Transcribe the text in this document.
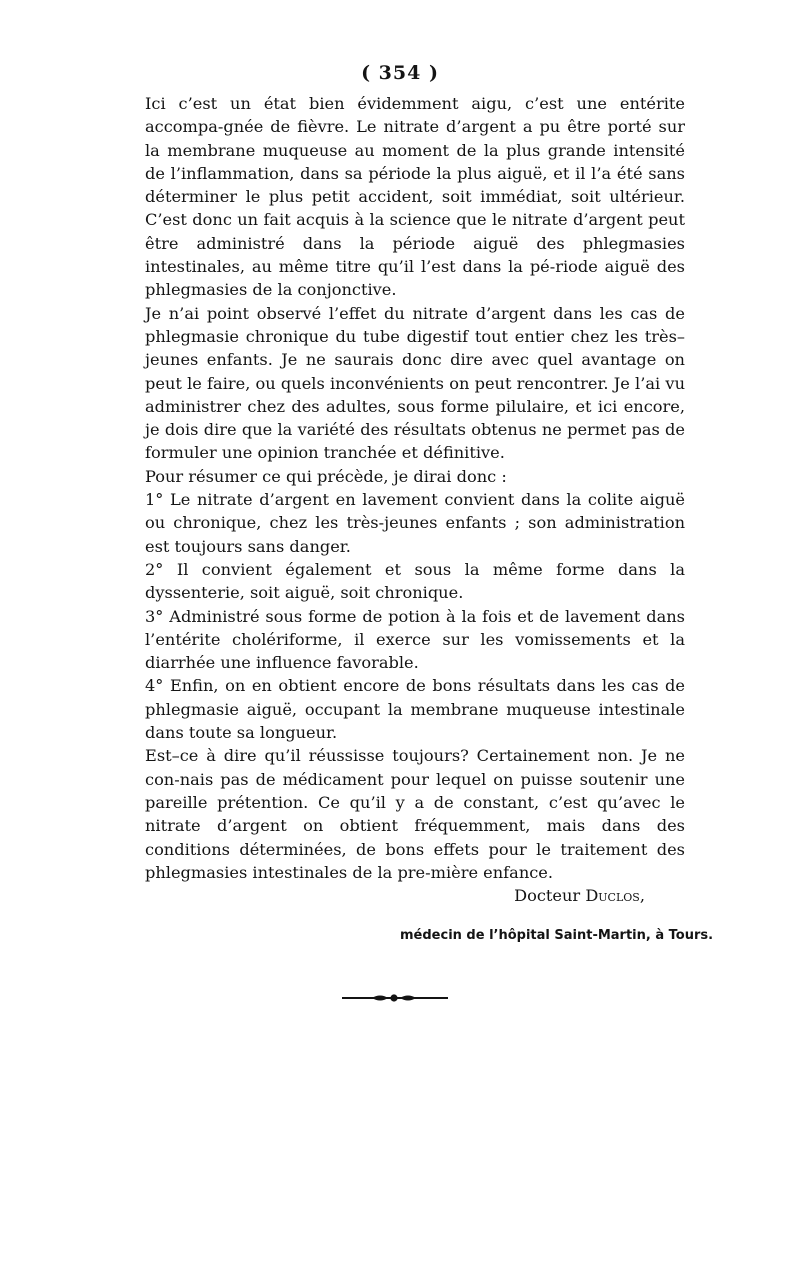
( 354 )

Ici c’est un état bien évidemment aigu, c’est une entérite accompa-gnée de fièvre. Le nitrate d’argent a pu être porté sur la membrane muqueuse au moment de la plus grande intensité de l’inflammation, dans sa période la plus aiguë, et il l’a été sans déterminer le plus petit accident, soit immédiat, soit ultérieur. C’est donc un fait acquis à la science que le nitrate d’argent peut être administré dans la période aiguë des phlegmasies intestinales, au même titre qu’il l’est dans la pé-riode aiguë des phlegmasies de la conjonctive.

Je n’ai point observé l’effet du nitrate d’argent dans les cas de phlegmasie chronique du tube digestif tout entier chez les très–jeunes enfants. Je ne saurais donc dire avec quel avantage on peut le faire, ou quels inconvénients on peut rencontrer. Je l’ai vu administrer chez des adultes, sous forme pilulaire, et ici encore, je dois dire que la variété des résultats obtenus ne permet pas de formuler une opinion tranchée et définitive.

Pour résumer ce qui précède, je dirai donc :

1° Le nitrate d’argent en lavement convient dans la colite aiguë ou chronique, chez les très-jeunes enfants ; son administration est toujours sans danger.

2° Il convient également et sous la même forme dans la dyssenterie, soit aiguë, soit chronique.

3° Administré sous forme de potion à la fois et de lavement dans l’entérite cholériforme, il exerce sur les vomissements et la diarrhée une influence favorable.

4° Enfin, on en obtient encore de bons résultats dans les cas de phlegmasie aiguë, occupant la membrane muqueuse intestinale dans toute sa longueur.

Est–ce à dire qu’il réussisse toujours? Certainement non. Je ne con-nais pas de médicament pour lequel on puisse soutenir une pareille prétention. Ce qu’il y a de constant, c’est qu’avec le nitrate d’argent on obtient fréquemment, mais dans des conditions déterminées, de bons effets pour le traitement des phlegmasies intestinales de la pre-mière enfance.

Docteur Duclos,

médecin de l’hôpital Saint-Martin, à Tours.
